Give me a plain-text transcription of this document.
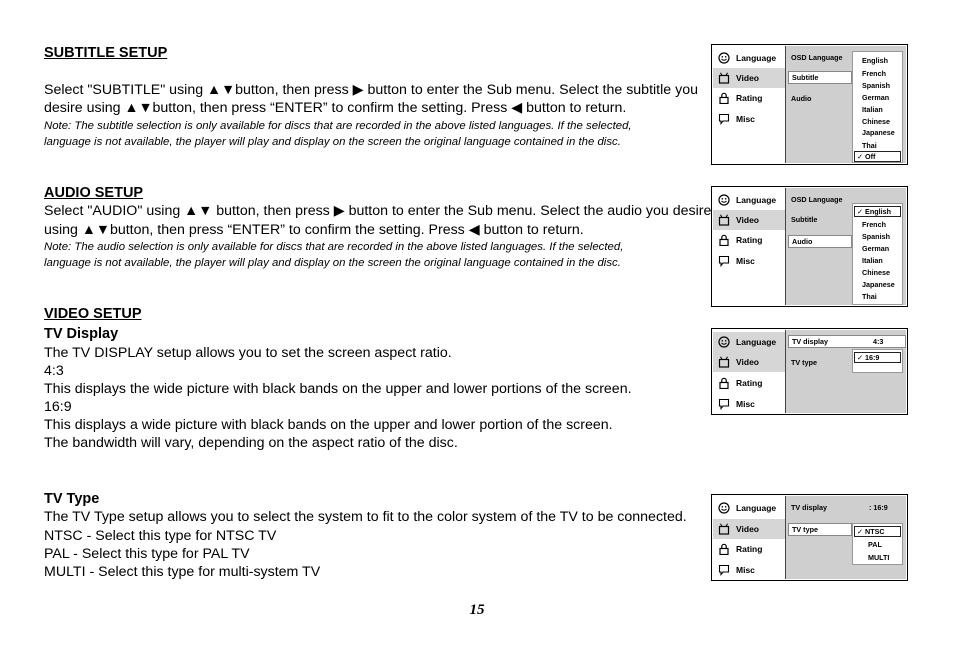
SUBTITLE SETUP
Select "SUBTITLE" using ▲▼button, then press ▶ button to enter the Sub menu. Select the subtitle you
desire using ▲▼button, then press “ENTER” to confirm the setting. Press ◀ button to return.
Note: The subtitle selection is only available for discs that are recorded in the above listed languages. If the selected,
language is not available, the player will play and display on the screen the original language contained in the disc.
AUDIO SETUP
Select "AUDIO" using ▲▼ button, then press ▶ button to enter the Sub menu. Select the audio you desire
using ▲▼button, then press “ENTER” to confirm the setting. Press ◀ button to return.
Note: The audio selection is only available for discs that are recorded in the above listed languages. If the selected,
language is not available, the player will play and display on the screen the original language contained in the disc.
VIDEO SETUP
TV Display
The TV DISPLAY setup allows you to set the screen aspect ratio.
4:3
This displays the wide picture with black bands on the upper and lower portions of the screen.
16:9
This displays a wide picture with black bands on the upper and lower portion of the screen.
The bandwidth will vary, depending on the aspect ratio of the disc.
TV Type
The TV Type setup allows you to select the system to fit to the color system of the TV to be connected.
NTSC - Select this type for NTSC TV
PAL - Select this type for PAL TV
MULTI - Select this type for multi-system TV
Language
Video
Rating
Misc
OSD Language
Subtitle
Audio
English
French
Spanish
German
Italian
Chinese
Japanese
Thai
✓ Off
Language
Video
Rating
Misc
OSD Language
Subtitle
Audio
✓ English
French
Spanish
German
Italian
Chinese
Japanese
Thai
Language
Video
Rating
Misc
TV display	4:3
TV type
✓ 16:9
Language
Video
Rating
Misc
TV display	: 16:9
TV type	✓ NTSC
PAL
MULTI
15
